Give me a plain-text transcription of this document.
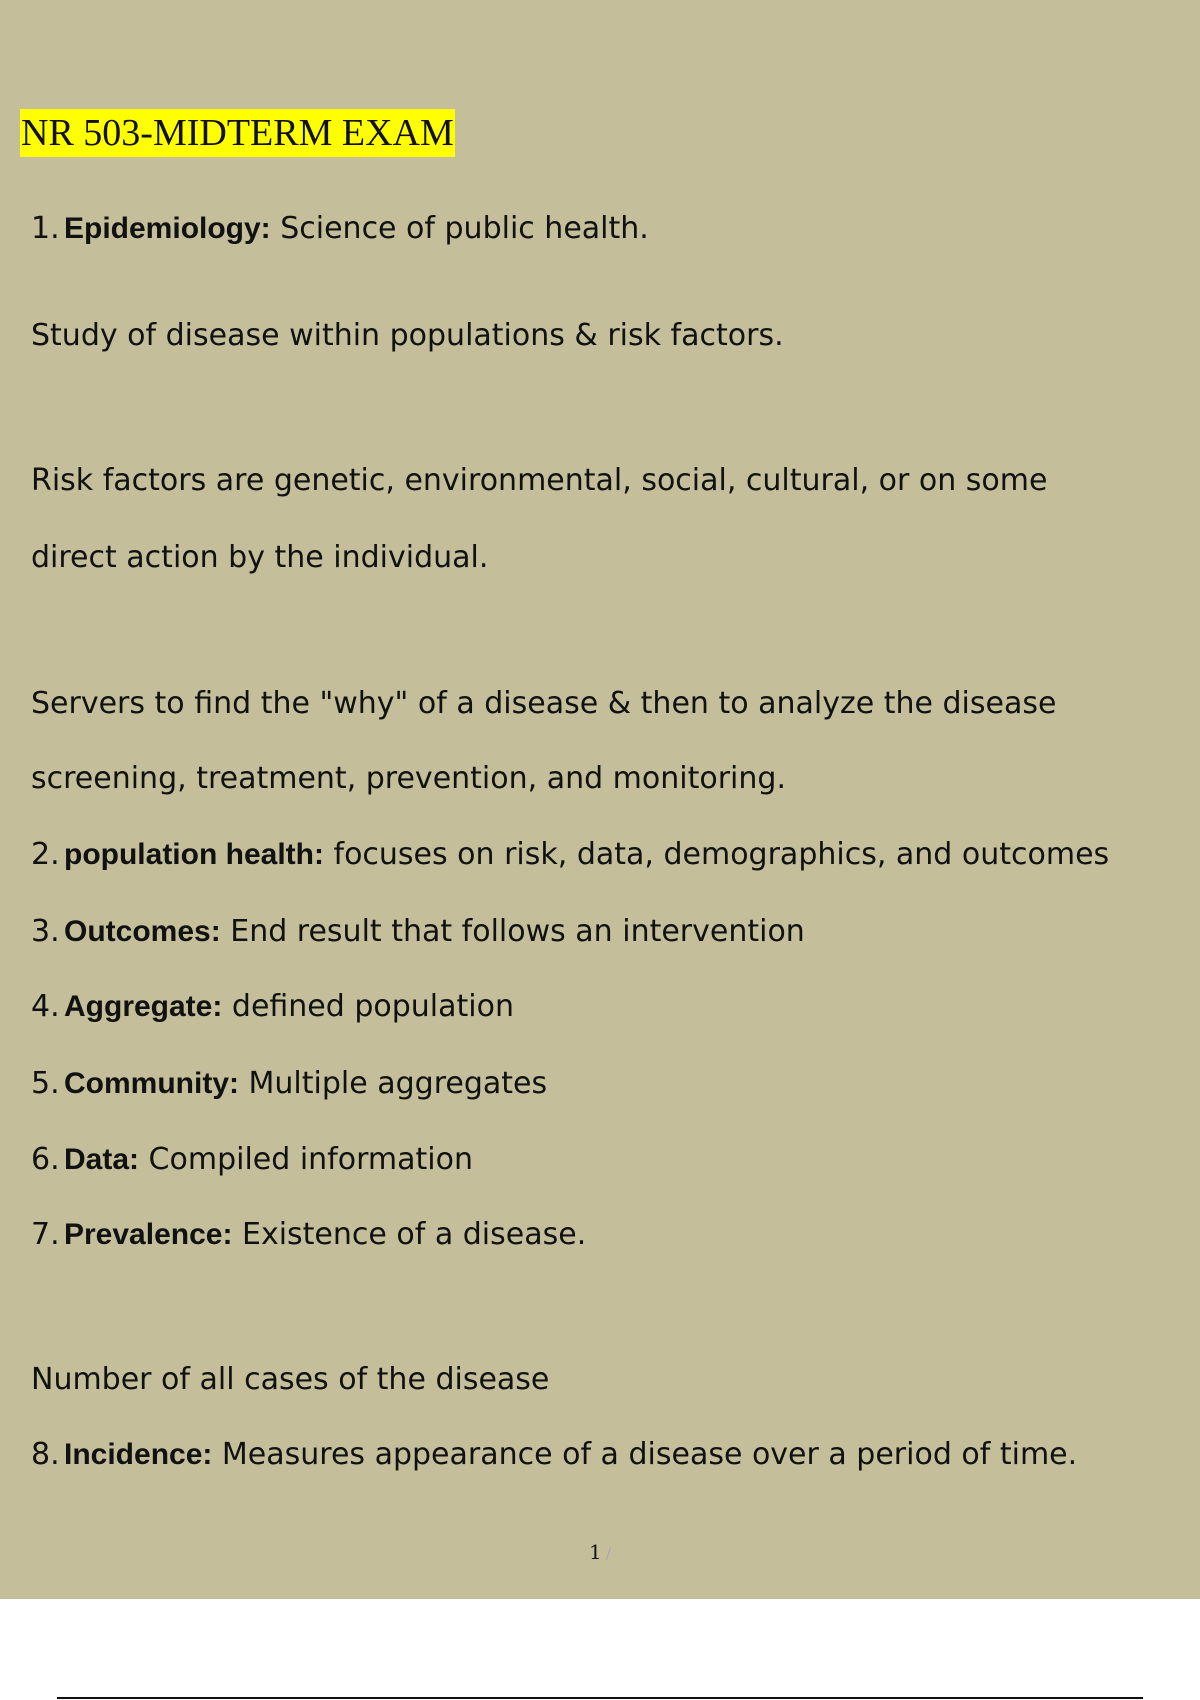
NR 503-MIDTERM EXAM
1. Epidemiology: Science of public health.
Study of disease within populations & risk factors.
Risk factors are genetic, environmental, social, cultural, or on some
direct action by the individual.
Servers to find the "why" of a disease & then to analyze the disease
screening, treatment, prevention, and monitoring.
2. population health: focuses on risk, data, demographics, and outcomes
3. Outcomes: End result that follows an intervention
4. Aggregate: defined population
5. Community: Multiple aggregates
6. Data: Compiled information
7. Prevalence: Existence of a disease.
Number of all cases of the disease
8. Incidence: Measures appearance of a disease over a period of time.
1 /
